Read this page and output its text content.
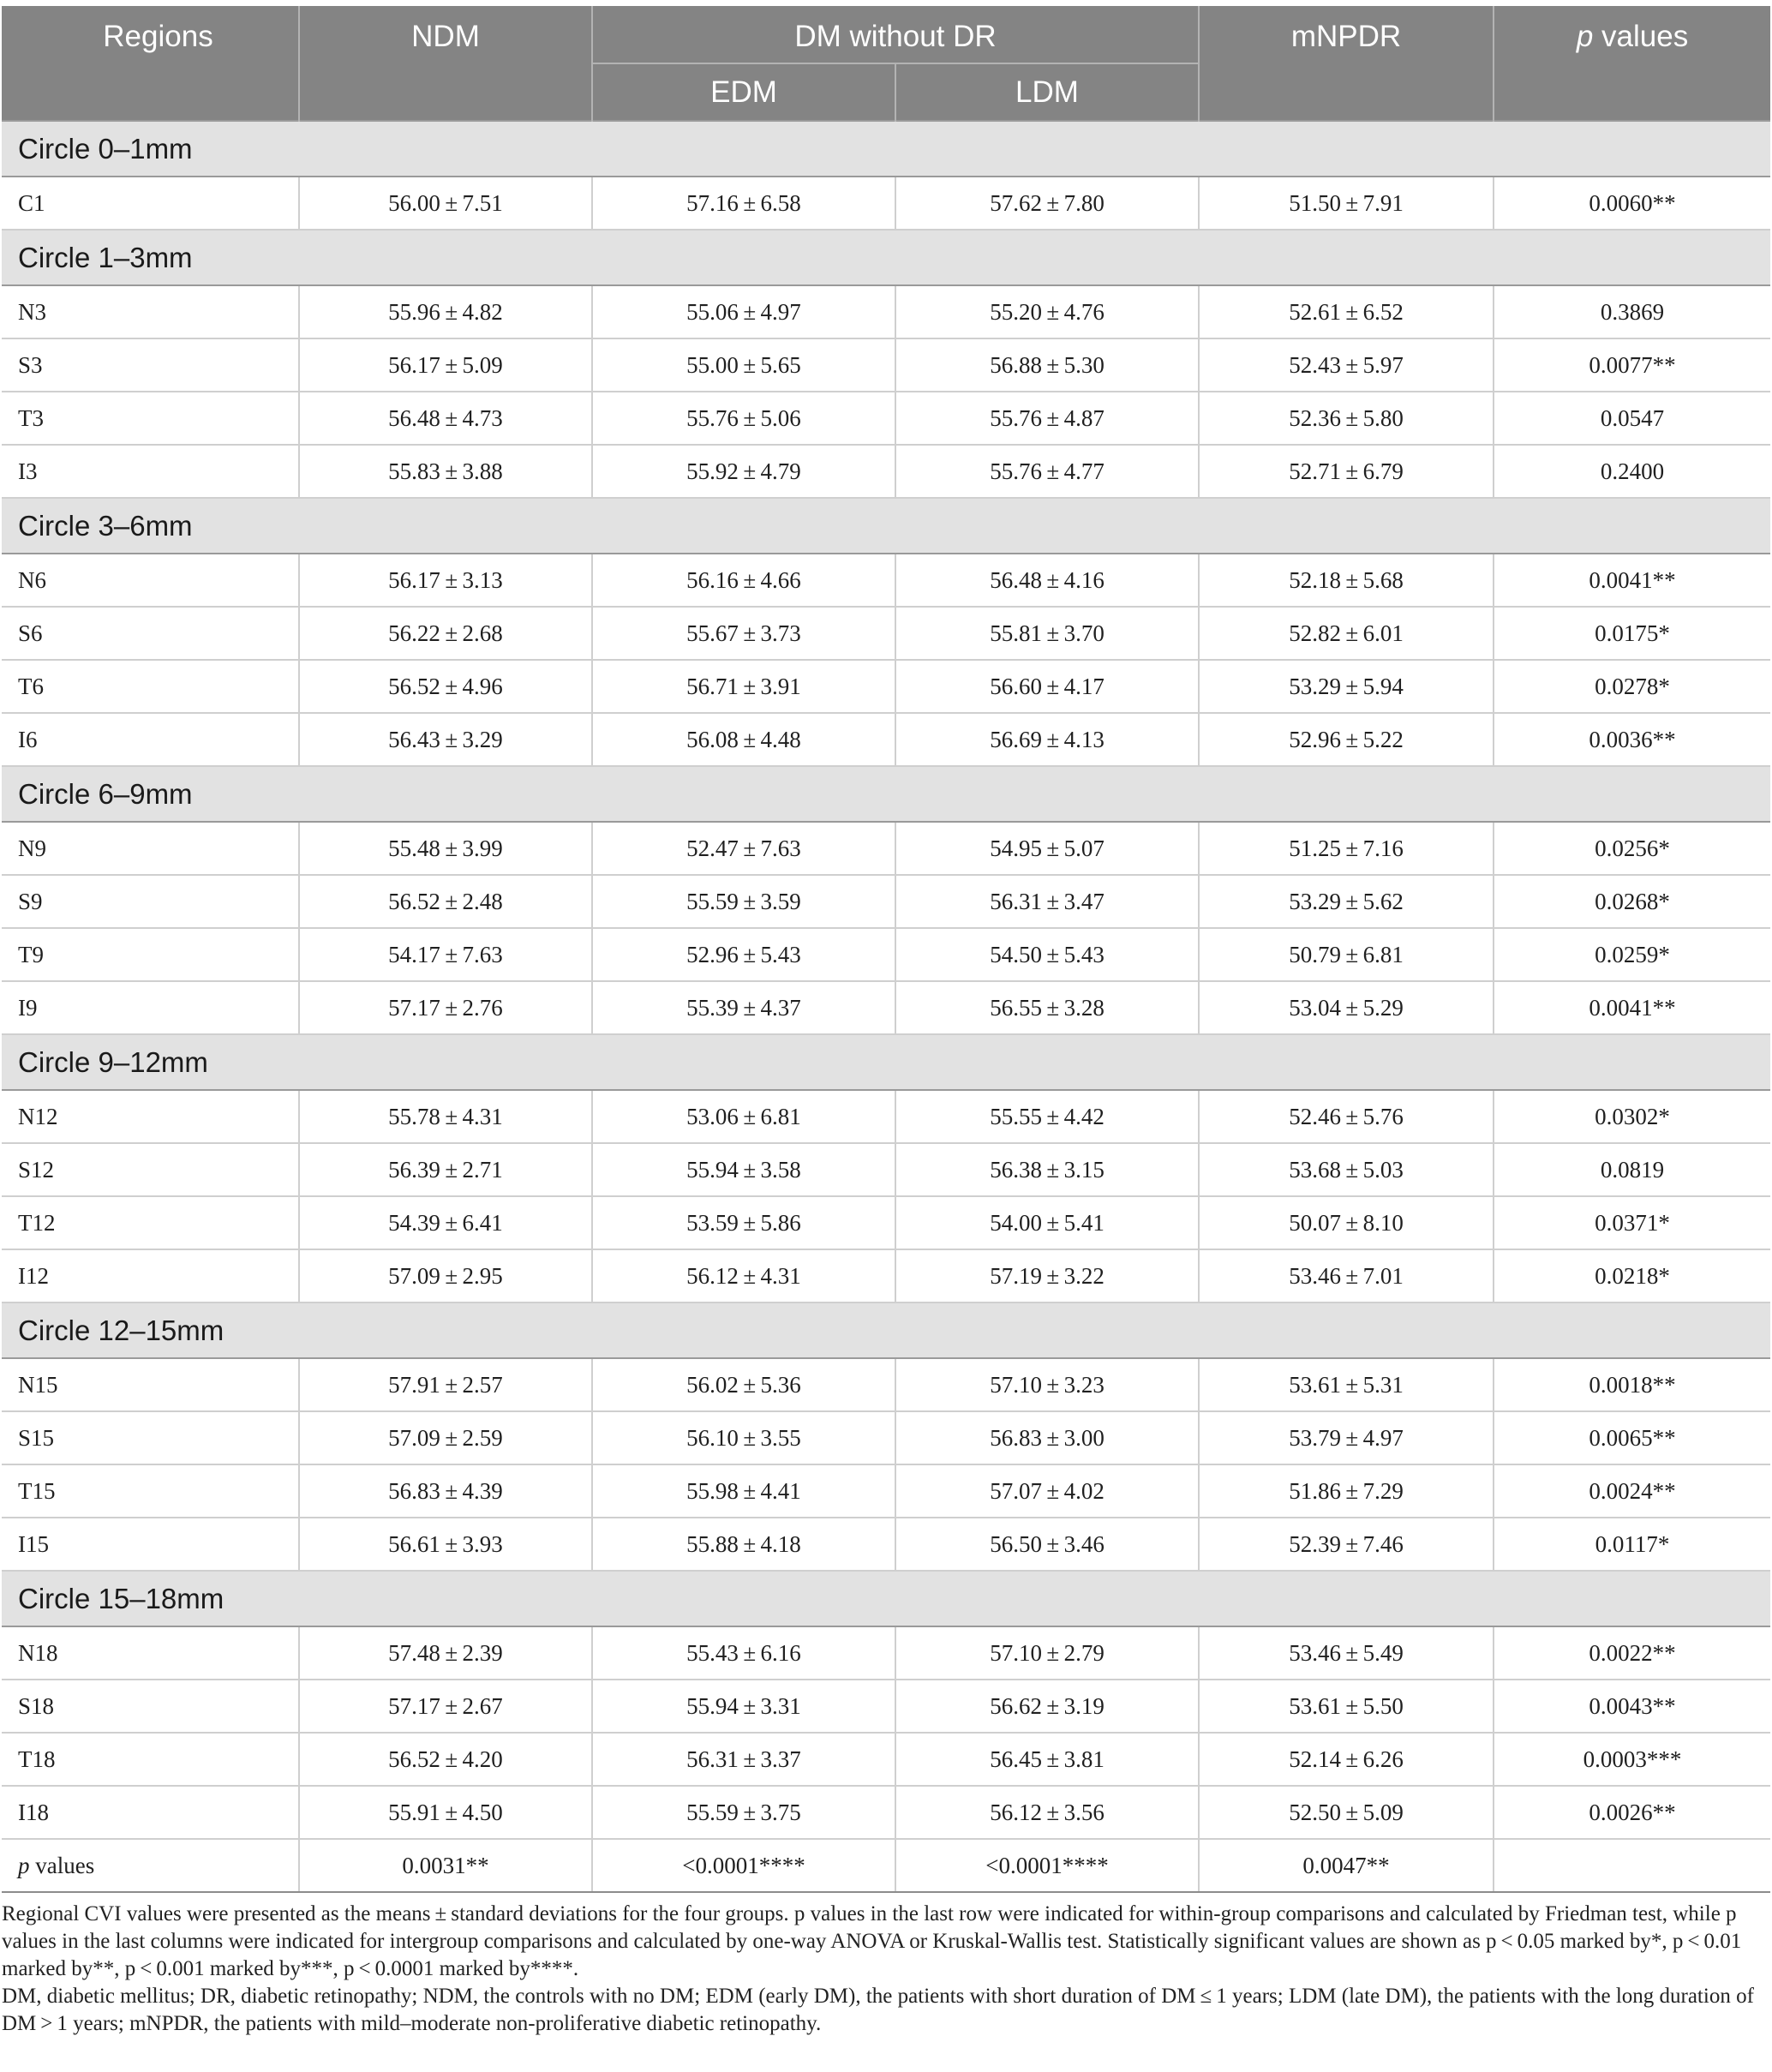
Regions	NDM	DM without DR		mNPDR	p values
		EDM	LDM		
Circle 0–1mm					
C1	56.00 ± 7.51	57.16 ± 6.58	57.62 ± 7.80	51.50 ± 7.91	0.0060**
Circle 1–3mm					
N3	55.96 ± 4.82	55.06 ± 4.97	55.20 ± 4.76	52.61 ± 6.52	0.3869
S3	56.17 ± 5.09	55.00 ± 5.65	56.88 ± 5.30	52.43 ± 5.97	0.0077**
T3	56.48 ± 4.73	55.76 ± 5.06	55.76 ± 4.87	52.36 ± 5.80	0.0547
I3	55.83 ± 3.88	55.92 ± 4.79	55.76 ± 4.77	52.71 ± 6.79	0.2400
Circle 3–6mm					
N6	56.17 ± 3.13	56.16 ± 4.66	56.48 ± 4.16	52.18 ± 5.68	0.0041**
S6	56.22 ± 2.68	55.67 ± 3.73	55.81 ± 3.70	52.82 ± 6.01	0.0175*
T6	56.52 ± 4.96	56.71 ± 3.91	56.60 ± 4.17	53.29 ± 5.94	0.0278*
I6	56.43 ± 3.29	56.08 ± 4.48	56.69 ± 4.13	52.96 ± 5.22	0.0036**
Circle 6–9mm					
N9	55.48 ± 3.99	52.47 ± 7.63	54.95 ± 5.07	51.25 ± 7.16	0.0256*
S9	56.52 ± 2.48	55.59 ± 3.59	56.31 ± 3.47	53.29 ± 5.62	0.0268*
T9	54.17 ± 7.63	52.96 ± 5.43	54.50 ± 5.43	50.79 ± 6.81	0.0259*
I9	57.17 ± 2.76	55.39 ± 4.37	56.55 ± 3.28	53.04 ± 5.29	0.0041**
Circle 9–12mm					
N12	55.78 ± 4.31	53.06 ± 6.81	55.55 ± 4.42	52.46 ± 5.76	0.0302*
S12	56.39 ± 2.71	55.94 ± 3.58	56.38 ± 3.15	53.68 ± 5.03	0.0819
T12	54.39 ± 6.41	53.59 ± 5.86	54.00 ± 5.41	50.07 ± 8.10	0.0371*
I12	57.09 ± 2.95	56.12 ± 4.31	57.19 ± 3.22	53.46 ± 7.01	0.0218*
Circle 12–15mm					
N15	57.91 ± 2.57	56.02 ± 5.36	57.10 ± 3.23	53.61 ± 5.31	0.0018**
S15	57.09 ± 2.59	56.10 ± 3.55	56.83 ± 3.00	53.79 ± 4.97	0.0065**
T15	56.83 ± 4.39	55.98 ± 4.41	57.07 ± 4.02	51.86 ± 7.29	0.0024**
I15	56.61 ± 3.93	55.88 ± 4.18	56.50 ± 3.46	52.39 ± 7.46	0.0117*
Circle 15–18mm					
N18	57.48 ± 2.39	55.43 ± 6.16	57.10 ± 2.79	53.46 ± 5.49	0.0022**
S18	57.17 ± 2.67	55.94 ± 3.31	56.62 ± 3.19	53.61 ± 5.50	0.0043**
T18	56.52 ± 4.20	56.31 ± 3.37	56.45 ± 3.81	52.14 ± 6.26	0.0003***
I18	55.91 ± 4.50	55.59 ± 3.75	56.12 ± 3.56	52.50 ± 5.09	0.0026**
p values	0.0031**	<0.0001****	<0.0001****	0.0047**	

Regional CVI values were presented as the means ± standard deviations for the four groups. p values in the last row were indicated for within-group comparisons and calculated by Friedman test, while p values in the last columns were indicated for intergroup comparisons and calculated by one-way ANOVA or Kruskal-Wallis test. Statistically significant values are shown as p < 0.05 marked by*, p < 0.01 marked by**, p < 0.001 marked by***, p < 0.0001 marked by****.

DM, diabetic mellitus; DR, diabetic retinopathy; NDM, the controls with no DM; EDM (early DM), the patients with short duration of DM ≤ 1 years; LDM (late DM), the patients with the long duration of DM > 1 years; mNPDR, the patients with mild–moderate non-proliferative diabetic retinopathy.
